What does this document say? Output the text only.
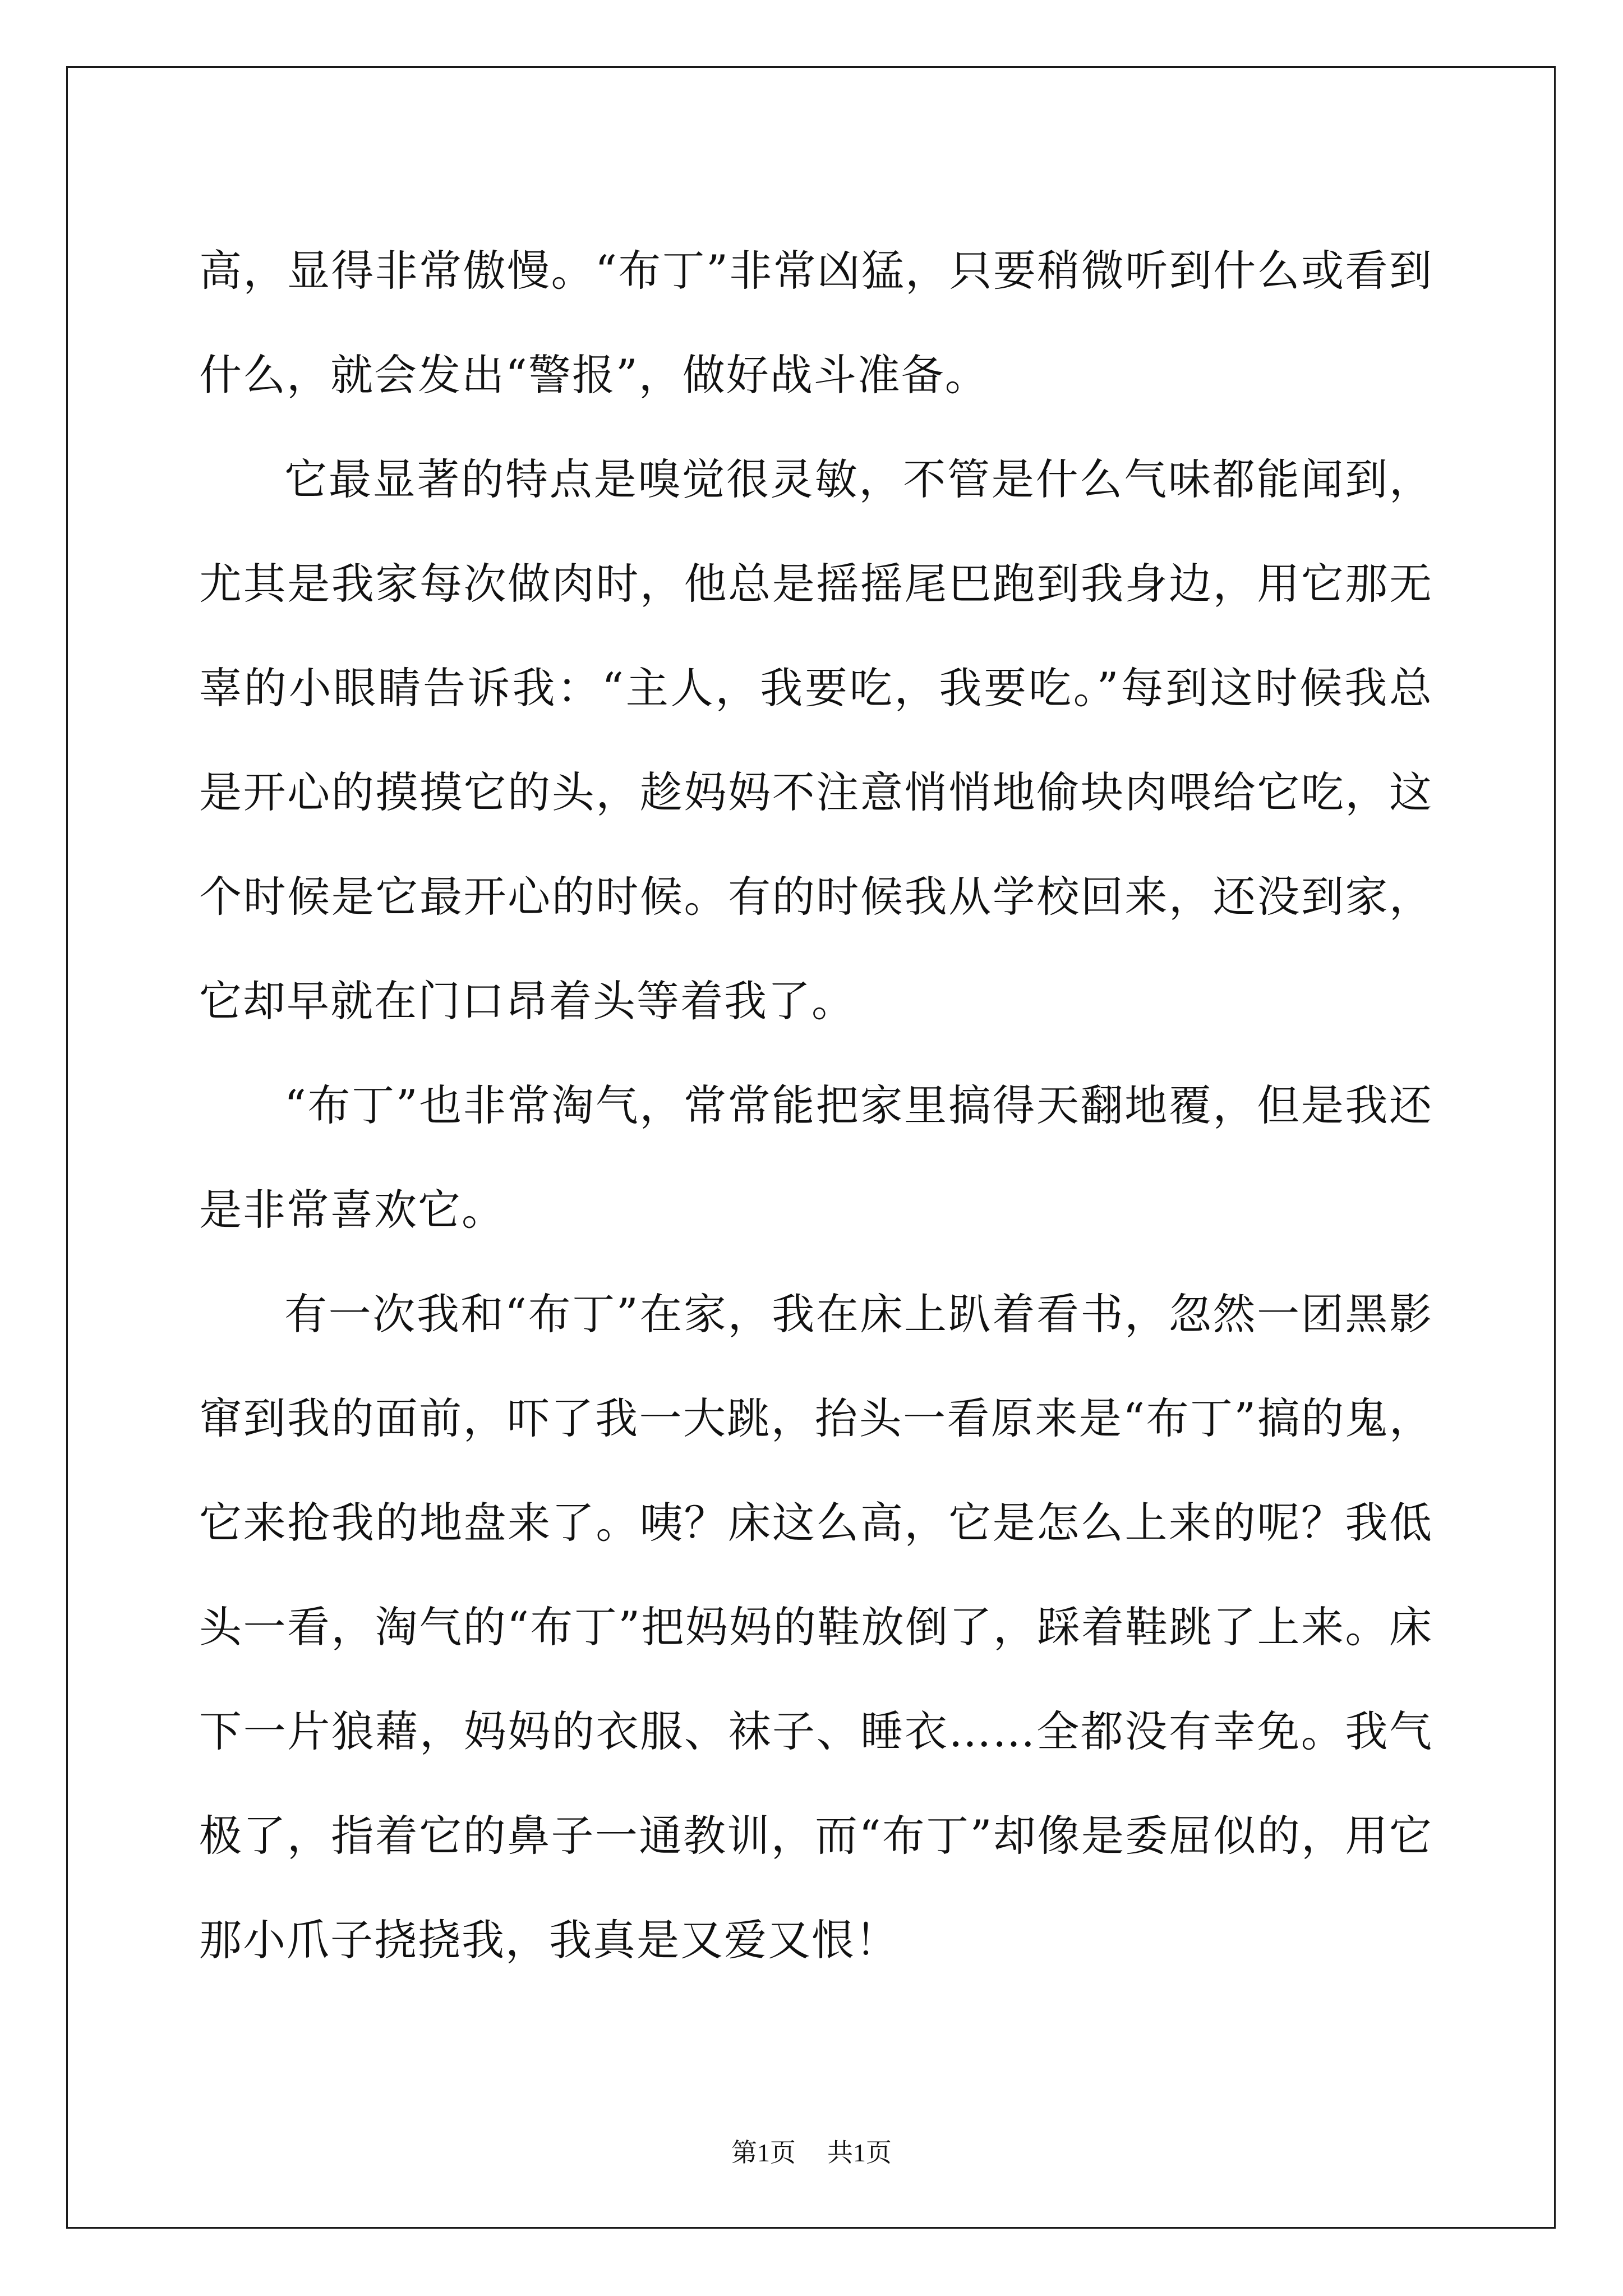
高，显得非常傲慢。“布丁”非常凶猛，只要稍微听到什么或看到什么，就会发出“警报”，做好战斗准备。

它最显著的特点是嗅觉很灵敏，不管是什么气味都能闻到，尤其是我家每次做肉时，他总是摇摇尾巴跑到我身边，用它那无辜的小眼睛告诉我：“主人，我要吃，我要吃。”每到这时候我总是开心的摸摸它的头，趁妈妈不注意悄悄地偷块肉喂给它吃，这个时候是它最开心的时候。有的时候我从学校回来，还没到家，它却早就在门口昂着头等着我了。

“布丁”也非常淘气，常常能把家里搞得天翻地覆，但是我还是非常喜欢它。

有一次我和“布丁”在家，我在床上趴着看书，忽然一团黑影窜到我的面前，吓了我一大跳，抬头一看原来是“布丁”搞的鬼，它来抢我的地盘来了。咦？床这么高，它是怎么上来的呢？我低头一看，淘气的“布丁”把妈妈的鞋放倒了，踩着鞋跳了上来。床下一片狼藉，妈妈的衣服、袜子、睡衣……全都没有幸免。我气极了，指着它的鼻子一通教训，而“布丁”却像是委屈似的，用它那小爪子挠挠我，我真是又爱又恨！

第1页 共1页
